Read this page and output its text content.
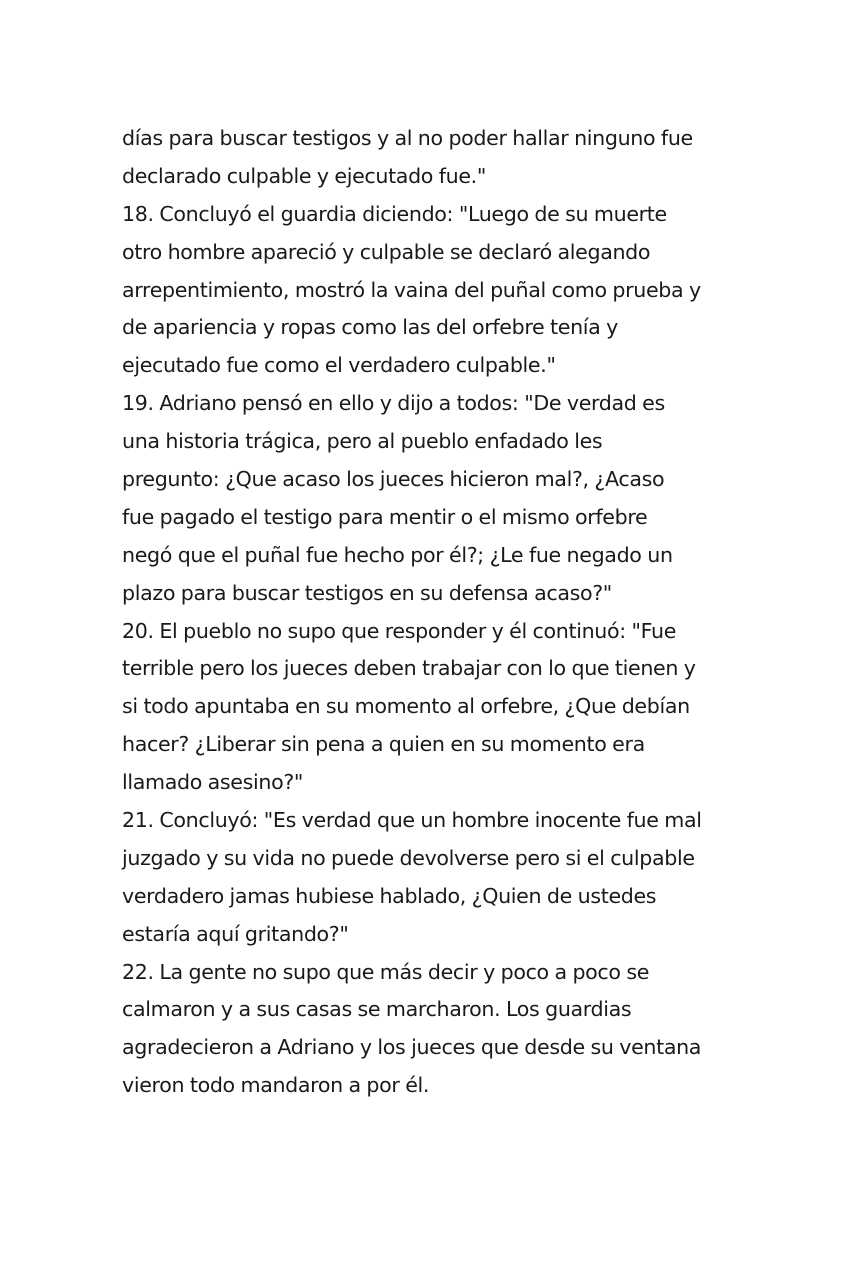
días para buscar testigos y al no poder hallar ninguno fue
declarado culpable y ejecutado fue."
18. Concluyó el guardia diciendo: "Luego de su muerte
otro hombre apareció y culpable se declaró alegando
arrepentimiento, mostró la vaina del puñal como prueba y
de apariencia y ropas como las del orfebre tenía y
ejecutado fue como el verdadero culpable."
19. Adriano pensó en ello y dijo a todos: "De verdad es
una historia trágica, pero al pueblo enfadado les
pregunto: ¿Que acaso los jueces hicieron mal?, ¿Acaso
fue pagado el testigo para mentir o el mismo orfebre
negó que el puñal fue hecho por él?; ¿Le fue negado un
plazo para buscar testigos en su defensa acaso?"
20. El pueblo no supo que responder y él continuó: "Fue
terrible pero los jueces deben trabajar con lo que tienen y
si todo apuntaba en su momento al orfebre, ¿Que debían
hacer? ¿Liberar sin pena a quien en su momento era
llamado asesino?"
21. Concluyó: "Es verdad que un hombre inocente fue mal
juzgado y su vida no puede devolverse pero si el culpable
verdadero jamas hubiese hablado, ¿Quien de ustedes
estaría aquí gritando?"
22. La gente no supo que más decir y poco a poco se
calmaron y a sus casas se marcharon. Los guardias
agradecieron a Adriano y los jueces que desde su ventana
vieron todo mandaron a por él.
